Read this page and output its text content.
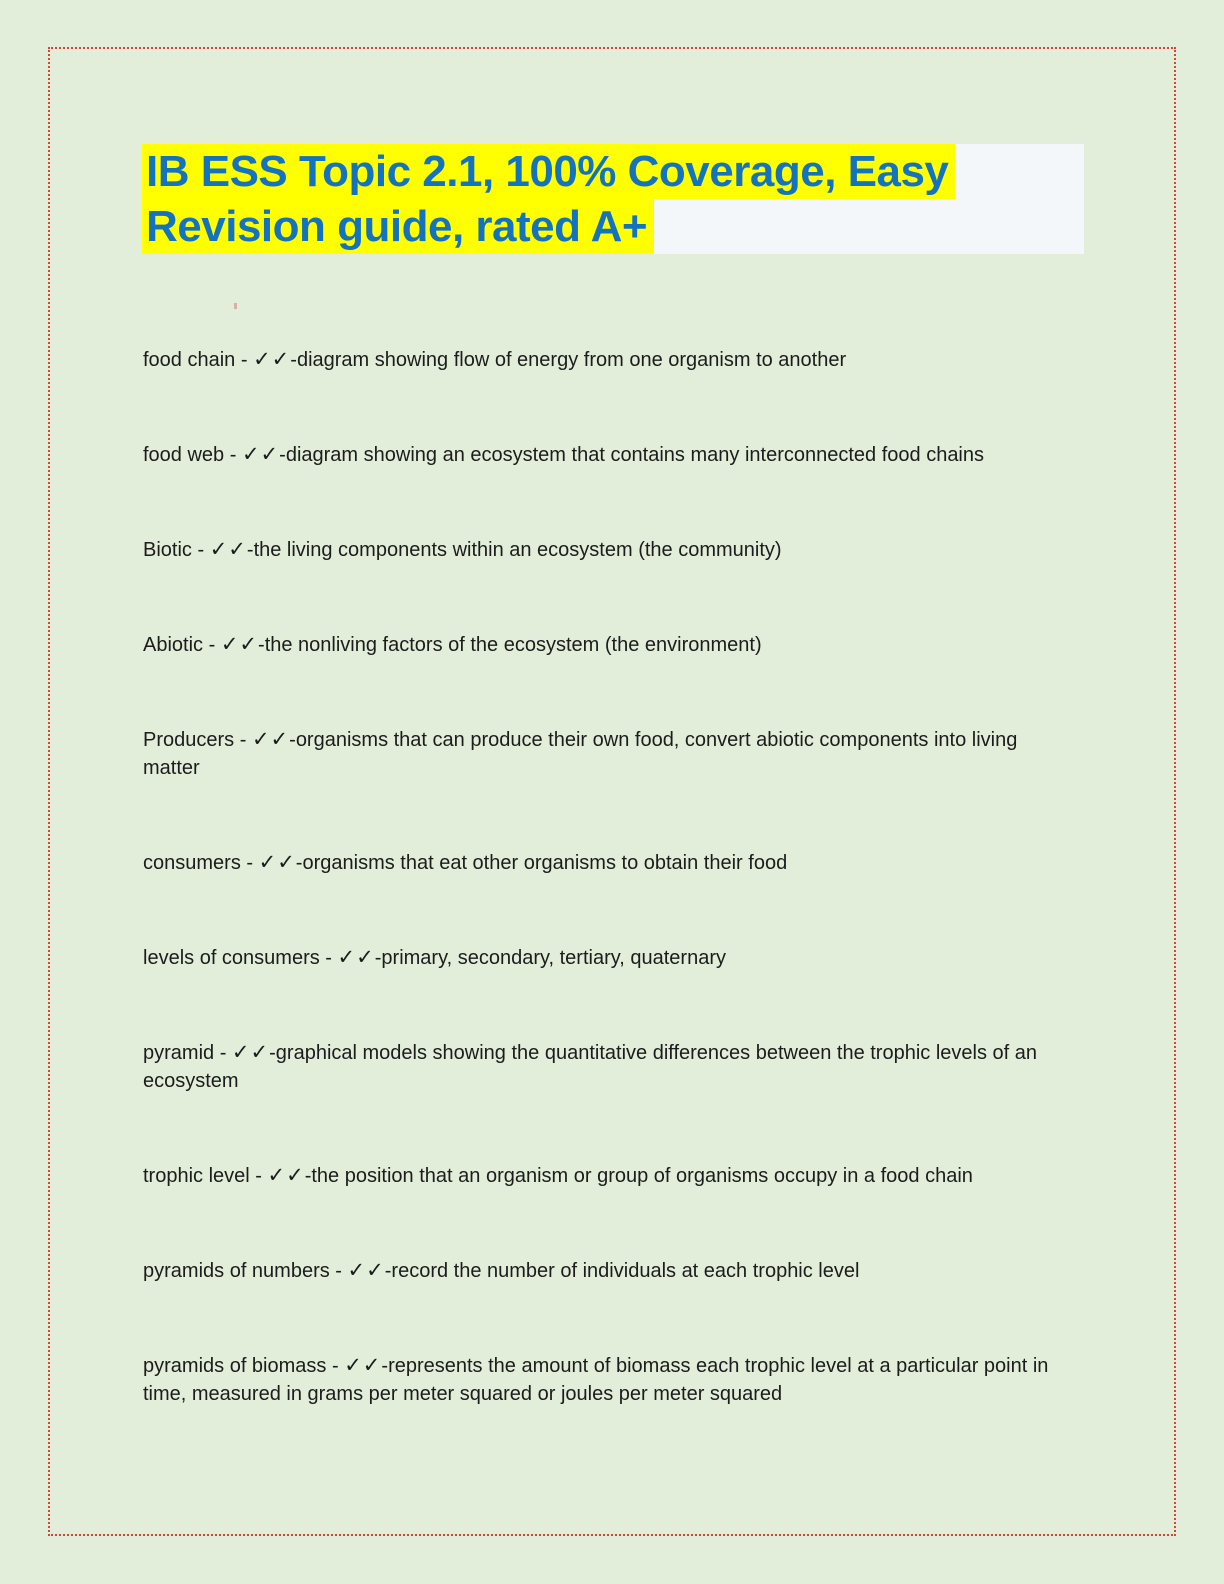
IB ESS Topic 2.1, 100% Coverage, Easy
Revision guide, rated A+

food chain - ✓✓-diagram showing flow of energy from one organism to another

food web - ✓✓-diagram showing an ecosystem that contains many interconnected food chains

Biotic - ✓✓-the living components within an ecosystem (the community)

Abiotic - ✓✓-the nonliving factors of the ecosystem (the environment)

Producers - ✓✓-organisms that can produce their own food, convert abiotic components into living matter

consumers - ✓✓-organisms that eat other organisms to obtain their food

levels of consumers - ✓✓-primary, secondary, tertiary, quaternary

pyramid - ✓✓-graphical models showing the quantitative differences between the trophic levels of an ecosystem

trophic level - ✓✓-the position that an organism or group of organisms occupy in a food chain

pyramids of numbers - ✓✓-record the number of individuals at each trophic level

pyramids of biomass - ✓✓-represents the amount of biomass each trophic level at a particular point in time, measured in grams per meter squared or joules per meter squared
